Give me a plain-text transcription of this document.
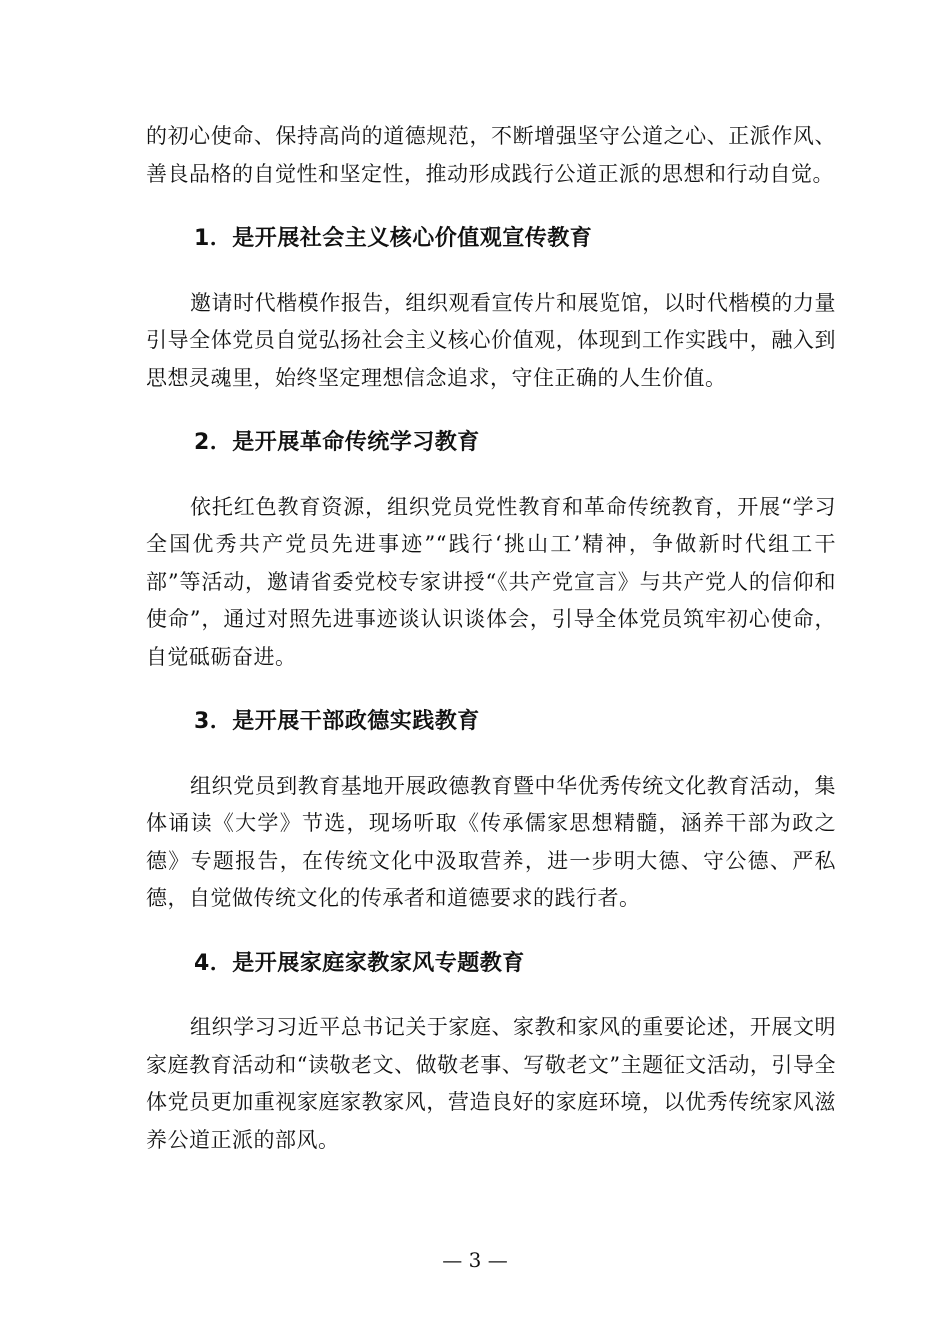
的初心使命、保持高尚的道德规范，不断增强坚守公道之心、正派作风、善良品格的自觉性和坚定性，推动形成践行公道正派的思想和行动自觉。

1．是开展社会主义核心价值观宣传教育

邀请时代楷模作报告，组织观看宣传片和展览馆，以时代楷模的力量引导全体党员自觉弘扬社会主义核心价值观，体现到工作实践中，融入到思想灵魂里，始终坚定理想信念追求，守住正确的人生价值。

2．是开展革命传统学习教育

依托红色教育资源，组织党员党性教育和革命传统教育，开展“学习全国优秀共产党员先进事迹”“践行‘挑山工’精神，争做新时代组工干部”等活动，邀请省委党校专家讲授“《共产党宣言》与共产党人的信仰和使命”，通过对照先进事迹谈认识谈体会，引导全体党员筑牢初心使命，自觉砥砺奋进。

3．是开展干部政德实践教育

组织党员到教育基地开展政德教育暨中华优秀传统文化教育活动，集体诵读《大学》节选，现场听取《传承儒家思想精髓，涵养干部为政之德》专题报告，在传统文化中汲取营养，进一步明大德、守公德、严私德，自觉做传统文化的传承者和道德要求的践行者。

4．是开展家庭家教家风专题教育

组织学习习近平总书记关于家庭、家教和家风的重要论述，开展文明家庭教育活动和“读敬老文、做敬老事、写敬老文”主题征文活动，引导全体党员更加重视家庭家教家风，营造良好的家庭环境，以优秀传统家风滋养公道正派的部风。

— 3 —
